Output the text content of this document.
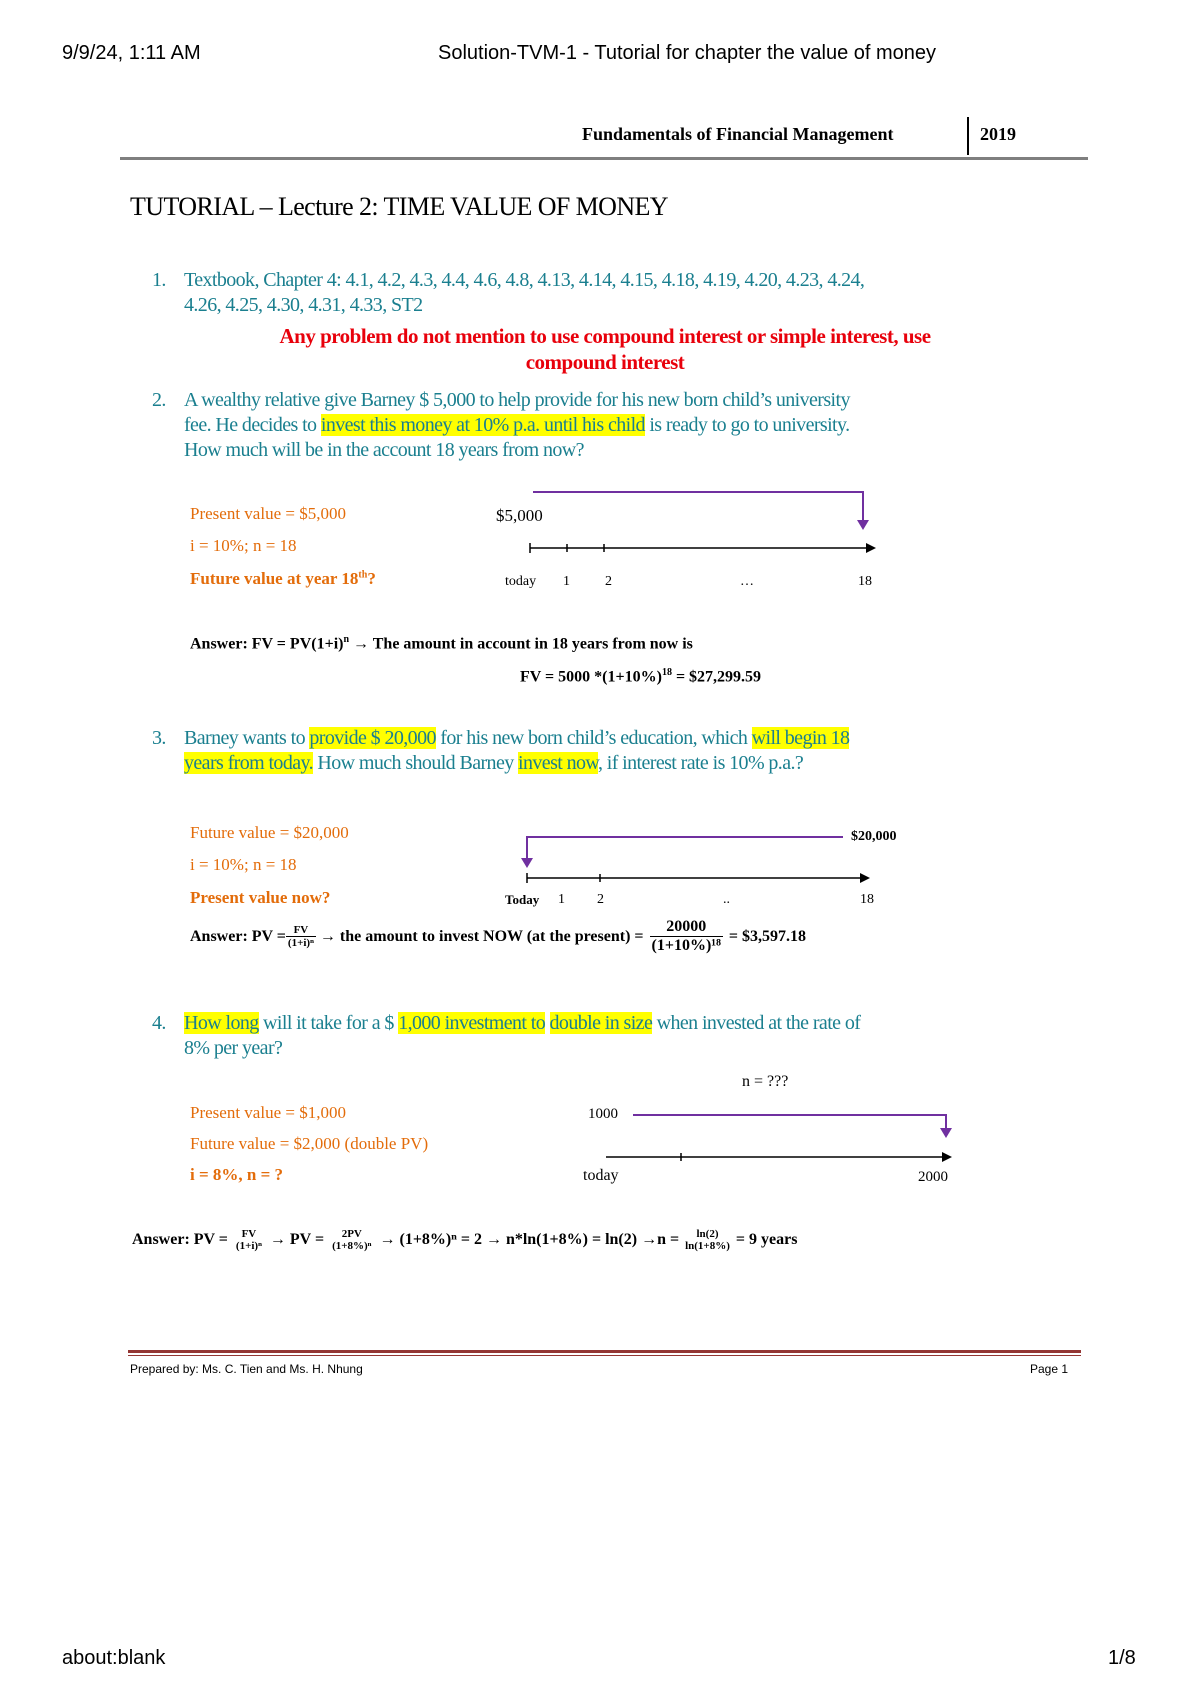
9/9/24, 1:11 AM	Solution-TVM-1 - Tutorial for chapter the value of money
Fundamentals of Financial Management	2019
TUTORIAL – Lecture 2: TIME VALUE OF MONEY
1. Textbook, Chapter 4: 4.1, 4.2, 4.3, 4.4, 4.6, 4.8, 4.13, 4.14, 4.15, 4.18, 4.19, 4.20, 4.23, 4.24,
4.26, 4.25, 4.30, 4.31, 4.33, ST2
Any problem do not mention to use compound interest or simple interest, use
compound interest
2. A wealthy relative give Barney $ 5,000 to help provide for his new born child’s university
fee. He decides to invest this money at 10% p.a. until his child is ready to go to university.
How much will be in the account 18 years from now?
Present value = $5,000
i = 10%; n = 18
Future value at year 18th?
$5,000
today 1	2	…	18
Answer: FV = $PV(1+i)^n$ → The amount in account in 18 years from now is
FV = 5000 $*(1+10\%)^{18}$ = $27,299.59
3. Barney wants to provide $ 20,000 for his new born child’s education, which will begin 18
years from today. How much should Barney invest now, if interest rate is 10% p.a.?
Future value = $20,000
i = 10%; n = 18
Present value now?
$20,000
Today 1 2	..	18
Answer: PV = $\frac{FV}{\text{(1+i)ⁿ}}$ → the amount to invest NOW (at the present) = $\frac{20000}{\text{(1+10\%)¹⁸}}$ = $3,597.18
4. How long will it take for a $ 1,000 investment to double in size when invested at the rate of
8% per year?
n = ???
Present value = $1,000
Future value = $2,000 (double PV)
i = 8%, n = ?
1000
today	2000
Answer: PV =	FV
(1+i)ⁿ → PV =	2PV
(1+8%)ⁿ → (1+8%)ⁿ = 2 → n*ln(1+8%) = ln(2) →n =	ln(2)
ln(1+8%) = 9 years
Prepared by: Ms. C. Tien and Ms. H. Nhung	Page 1
about:blank	1/8
